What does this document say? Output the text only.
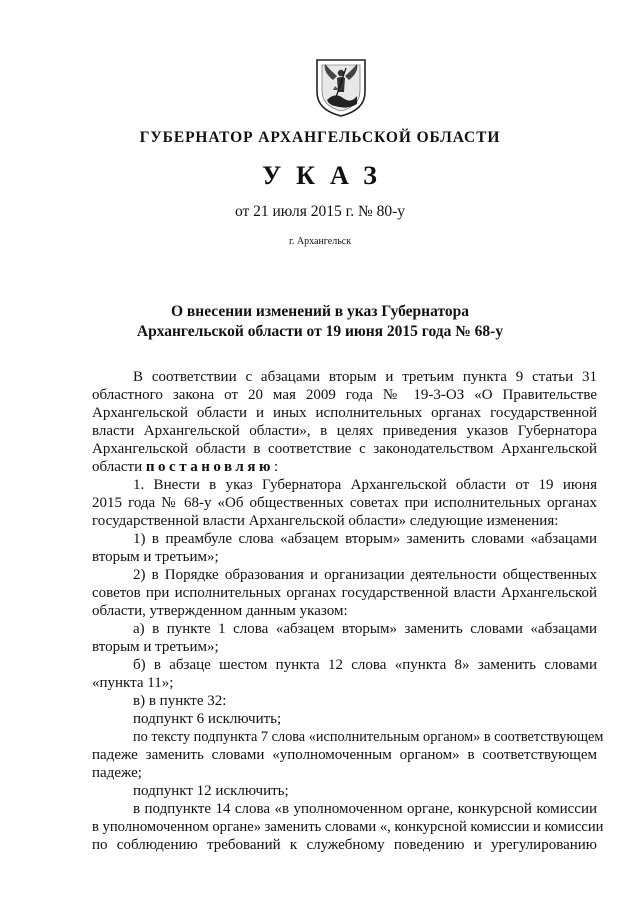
ГУБЕРНАТОР АРХАНГЕЛЬСКОЙ ОБЛАСТИ
УКАЗ
от 21 июля 2015 г. № 80-у
г. Архангельск
О внесении изменений в указ Губернатора
Архангельской области от 19 июня 2015 года № 68-у
В соответствии с абзацами вторым и третьим пункта 9 статьи 31
областного закона от 20 мая 2009 года № 19-3-ОЗ «О Правительстве
Архангельской области и иных исполнительных органах государственной
власти Архангельской области», в целях приведения указов Губернатора
Архангельской области в соответствие с законодательством Архангельской
области постановляю:
1. Внести в указ Губернатора Архангельской области от 19 июня
2015 года № 68-у «Об общественных советах при исполнительных органах
государственной власти Архангельской области» следующие изменения:
1) в преамбуле слова «абзацем вторым» заменить словами «абзацами
вторым и третьим»;
2) в Порядке образования и организации деятельности общественных
советов при исполнительных органах государственной власти Архангельской
области, утвержденном данным указом:
а) в пункте 1 слова «абзацем вторым» заменить словами «абзацами
вторым и третьим»;
б) в абзаце шестом пункта 12 слова «пункта 8» заменить словами
«пункта 11»;
в) в пункте 32:
подпункт 6 исключить;
по тексту подпункта 7 слова «исполнительным органом» в соответствующем
падеже заменить словами «уполномоченным органом» в соответствующем
падеже;
подпункт 12 исключить;
в подпункте 14 слова «в уполномоченном органе, конкурсной комиссии
в уполномоченном органе» заменить словами «, конкурсной комиссии и комиссии
по соблюдению требований к служебному поведению и урегулированию
